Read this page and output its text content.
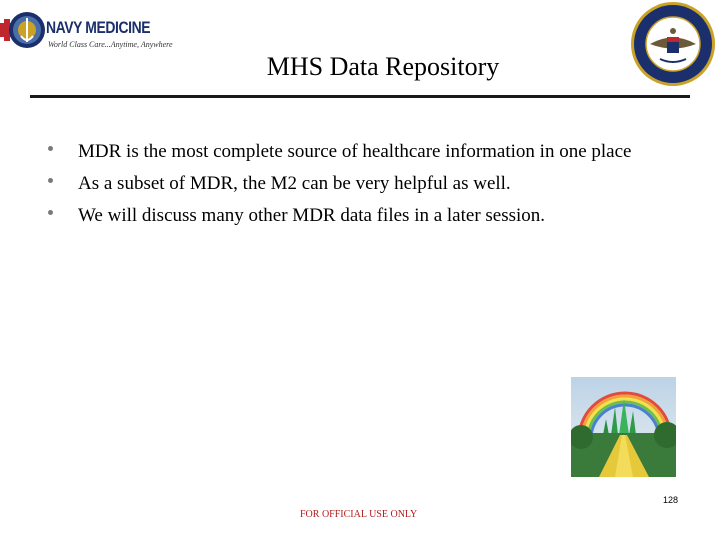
NAVY MEDICINE
World Class Care...Anytime, Anywhere
MHS Data Repository
MDR is the most complete source of healthcare information in one place
As a subset of MDR, the M2 can be very helpful as well.
We will discuss many other MDR data files in a later session.
128
FOR OFFICIAL USE ONLY
